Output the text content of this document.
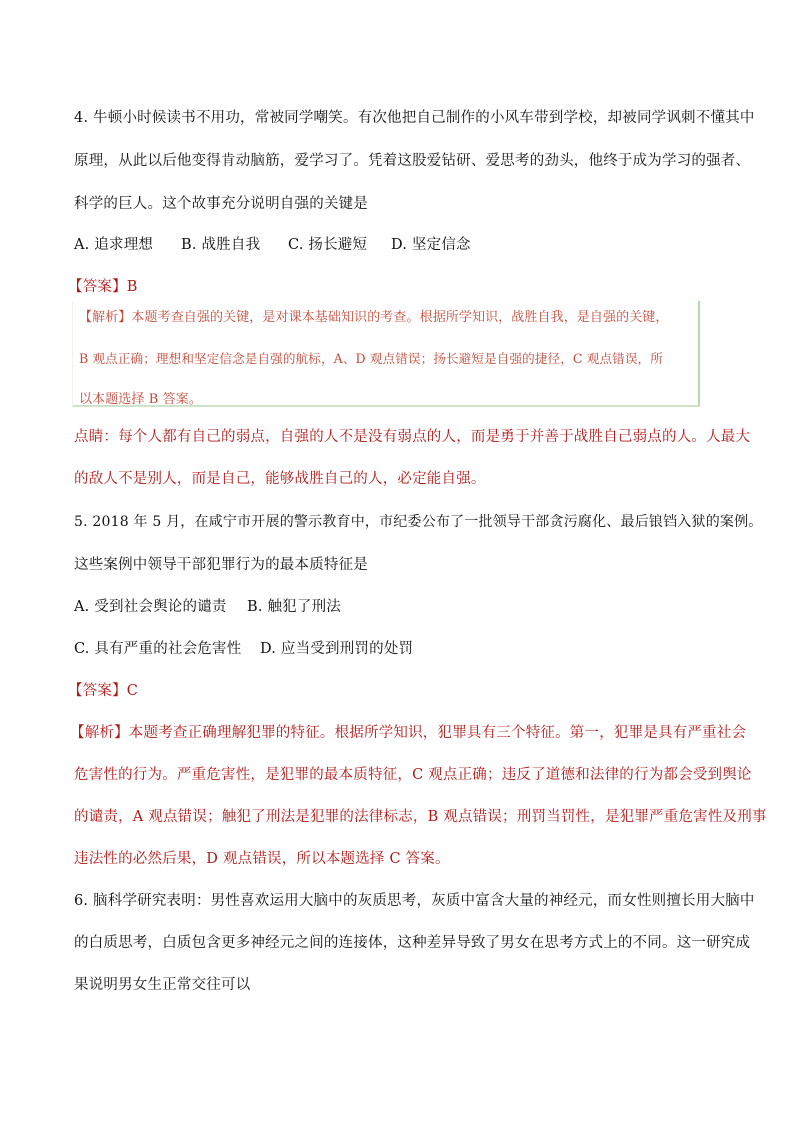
4. 牛顿小时候读书不用功，常被同学嘲笑。有次他把自己制作的小风车带到学校，却被同学讽刺不懂其中
原理，从此以后他变得肯动脑筋，爱学习了。凭着这股爱钻研、爱思考的劲头，他终于成为学习的强者、
科学的巨人。这个故事充分说明自强的关键是
A. 追求理想 B. 战胜自我 C. 扬长避短 D. 坚定信念
【答案】B
【解析】本题考查自强的关键，是对课本基础知识的考查。根据所学知识，战胜自我，是自强的关键，
B 观点正确；理想和坚定信念是自强的航标，A、D 观点错误；扬长避短是自强的捷径，C 观点错误，所
以本题选择 B 答案。
点睛：每个人都有自己的弱点，自强的人不是没有弱点的人，而是勇于并善于战胜自己弱点的人。人最大
的敌人不是别人，而是自己，能够战胜自己的人，必定能自强。
5. 2018 年 5 月，在咸宁市开展的警示教育中，市纪委公布了一批领导干部贪污腐化、最后锒铛入狱的案例。
这些案例中领导干部犯罪行为的最本质特征是
A. 受到社会舆论的谴责 B. 触犯了刑法
C. 具有严重的社会危害性 D. 应当受到刑罚的处罚
【答案】C
【解析】本题考查正确理解犯罪的特征。根据所学知识，犯罪具有三个特征。第一，犯罪是具有严重社会
危害性的行为。严重危害性，是犯罪的最本质特征，C 观点正确；违反了道德和法律的行为都会受到舆论
的谴责，A 观点错误；触犯了刑法是犯罪的法律标志，B 观点错误；刑罚当罚性，是犯罪严重危害性及刑事
违法性的必然后果，D 观点错误，所以本题选择 C 答案。
6. 脑科学研究表明：男性喜欢运用大脑中的灰质思考，灰质中富含大量的神经元，而女性则擅长用大脑中
的白质思考，白质包含更多神经元之间的连接体，这种差异导致了男女在思考方式上的不同。这一研究成
果说明男女生正常交往可以
